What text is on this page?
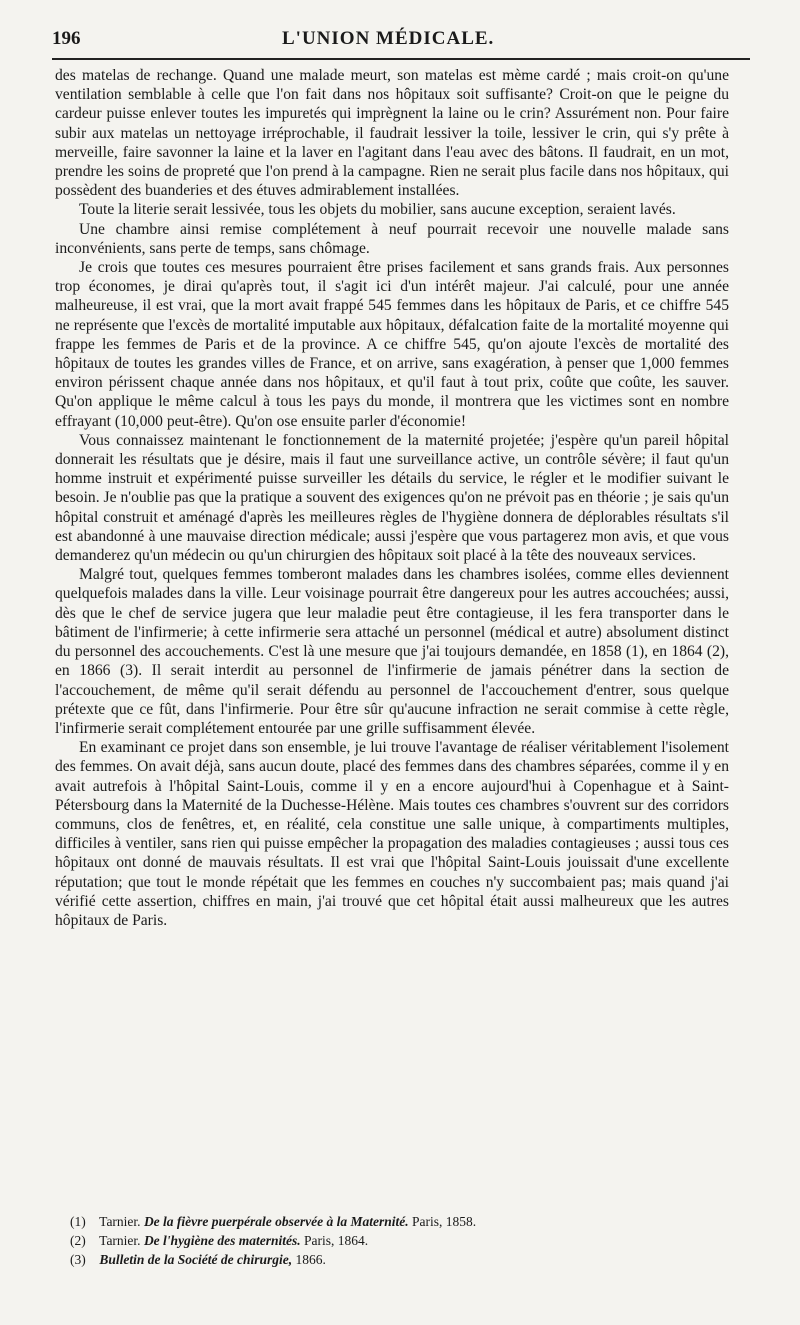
196	L'UNION MÉDICALE.

des matelas de rechange. Quand une malade meurt, son matelas est mème cardé ; mais croit-on qu'une ventilation semblable à celle que l'on fait dans nos hôpitaux soit suffisante? Croit-on que le peigne du cardeur puisse enlever toutes les impuretés qui imprègnent la laine ou le crin? Assurément non. Pour faire subir aux matelas un nettoyage irréprochable, il faudrait lessiver la toile, lessiver le crin, qui s'y prête à merveille, faire savonner la laine et la laver en l'agitant dans l'eau avec des bâtons. Il faudrait, en un mot, prendre les soins de propreté que l'on prend à la campagne. Rien ne serait plus facile dans nos hôpitaux, qui possèdent des buanderies et des étuves admirablement installées.

Toute la literie serait lessivée, tous les objets du mobilier, sans aucune exception, seraient lavés.

Une chambre ainsi remise complétement à neuf pourrait recevoir une nouvelle malade sans inconvénients, sans perte de temps, sans chômage.

Je crois que toutes ces mesures pourraient être prises facilement et sans grands frais. Aux personnes trop économes, je dirai qu'après tout, il s'agit ici d'un intérêt majeur. J'ai calculé, pour une année malheureuse, il est vrai, que la mort avait frappé 545 femmes dans les hôpitaux de Paris, et ce chiffre 545 ne représente que l'excès de mortalité imputable aux hôpitaux, défalcation faite de la mortalité moyenne qui frappe les femmes de Paris et de la province. A ce chiffre 545, qu'on ajoute l'excès de mortalité des hôpitaux de toutes les grandes villes de France, et on arrive, sans exagération, à penser que 1,000 femmes environ périssent chaque année dans nos hôpitaux, et qu'il faut à tout prix, coûte que coûte, les sauver. Qu'on applique le même calcul à tous les pays du monde, il montrera que les victimes sont en nombre effrayant (10,000 peut-être). Qu'on ose ensuite parler d'économie!

Vous connaissez maintenant le fonctionnement de la maternité projetée; j'espère qu'un pareil hôpital donnerait les résultats que je désire, mais il faut une surveillance active, un contrôle sévère; il faut qu'un homme instruit et expérimenté puisse surveiller les détails du service, le régler et le modifier suivant le besoin. Je n'oublie pas que la pratique a souvent des exigences qu'on ne prévoit pas en théorie ; je sais qu'un hôpital construit et aménagé d'après les meilleures règles de l'hygiène donnera de déplorables résultats s'il est abandonné à une mauvaise direction médicale; aussi j'espère que vous partagerez mon avis, et que vous demanderez qu'un médecin ou qu'un chirurgien des hôpitaux soit placé à la tête des nouveaux services.

Malgré tout, quelques femmes tomberont malades dans les chambres isolées, comme elles deviennent quelquefois malades dans la ville. Leur voisinage pourrait être dangereux pour les autres accouchées; aussi, dès que le chef de service jugera que leur maladie peut être contagieuse, il les fera transporter dans le bâtiment de l'infirmerie; à cette infirmerie sera attaché un personnel (médical et autre) absolument distinct du personnel des accouchements. C'est là une mesure que j'ai toujours demandée, en 1858 (1), en 1864 (2), en 1866 (3). Il serait interdit au personnel de l'infirmerie de jamais pénétrer dans la section de l'accouchement, de même qu'il serait défendu au personnel de l'accouchement d'entrer, sous quelque prétexte que ce fût, dans l'infirmerie. Pour être sûr qu'aucune infraction ne serait commise à cette règle, l'infirmerie serait complétement entourée par une grille suffisamment élevée.

En examinant ce projet dans son ensemble, je lui trouve l'avantage de réaliser véritablement l'isolement des femmes. On avait déjà, sans aucun doute, placé des femmes dans des chambres séparées, comme il y en avait autrefois à l'hôpital Saint-Louis, comme il y en a encore aujourd'hui à Copenhague et à Saint-Pétersbourg dans la Maternité de la Duchesse-Hélène. Mais toutes ces chambres s'ouvrent sur des corridors communs, clos de fenêtres, et, en réalité, cela constitue une salle unique, à compartiments multiples, difficiles à ventiler, sans rien qui puisse empêcher la propagation des maladies contagieuses ; aussi tous ces hôpitaux ont donné de mauvais résultats. Il est vrai que l'hôpital Saint-Louis jouissait d'une excellente réputation; que tout le monde répétait que les femmes en couches n'y succombaient pas; mais quand j'ai vérifié cette assertion, chiffres en main, j'ai trouvé que cet hôpital était aussi malheureux que les autres hôpitaux de Paris.

(1) Tarnier. De la fièvre puerpérale observée à la Maternité. Paris, 1858.

(2) Tarnier. De l'hygiène des maternités. Paris, 1864.

(3) Bulletin de la Société de chirurgie, 1866.
